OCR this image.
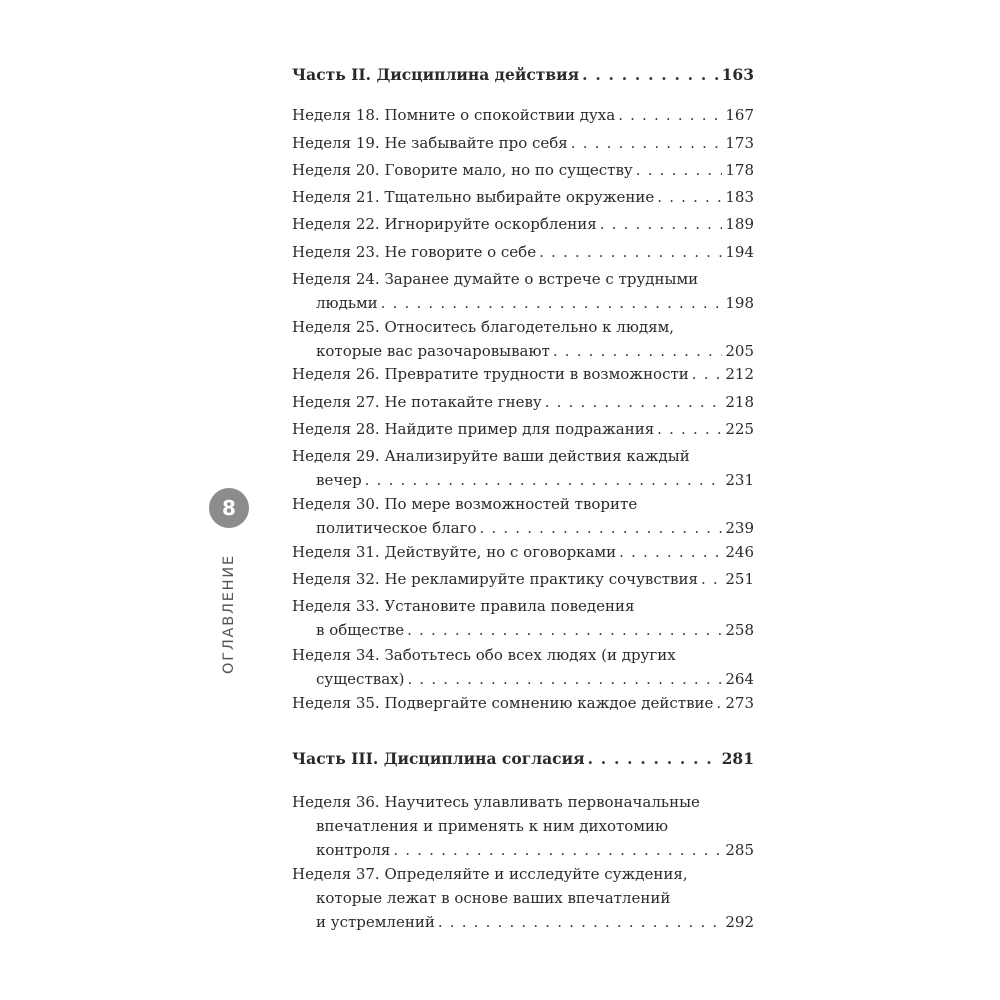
8
ОГЛАВЛЕНИЕ
Часть II. Дисциплина действия . . .	163
Неделя 18. Помните о спокойствии духа . . .	167
Неделя 19. Не забывайте про себя . . .	173
Неделя 20. Говорите мало, но по существу . . .	178
Неделя 21. Тщательно выбирайте окружение . . .	183
Неделя 22. Игнорируйте оскорбления . . .	189
Неделя 23. Не говорите о себе . . .	194
Неделя 24. Заранее думайте о встрече с трудными
людьми . . .	198
Неделя 25. Относитесь благодетельно к людям,
которые вас разочаровывают . . .	205
Неделя 26. Превратите трудности в возможности . . . 212
Неделя 27. Не потакайте гневу . . .	218
Неделя 28. Найдите пример для подражания . . .	225
Неделя 29. Анализируйте ваши действия каждый
вечер . . .	231
Неделя 30. По мере возможностей творите
политическое благо . . .	239
Неделя 31. Действуйте, но с оговорками . . .	246
Неделя 32. Не рекламируйте практику сочувствия . . . 251
Неделя 33. Установите правила поведения
в обществе . . .	258
Неделя 34. Заботьтесь обо всех людях (и других
существах) . . .	264
Неделя 35. Подвергайте сомнению каждое действие . . . 273
Часть III. Дисциплина согласия . . .	281
Неделя 36. Научитесь улавливать первоначальные
впечатления и применять к ним дихотомию
контроля . . .	285
Неделя 37. Определяйте и исследуйте суждения,
которые лежат в основе ваших впечатлений
и устремлений . . .	292
